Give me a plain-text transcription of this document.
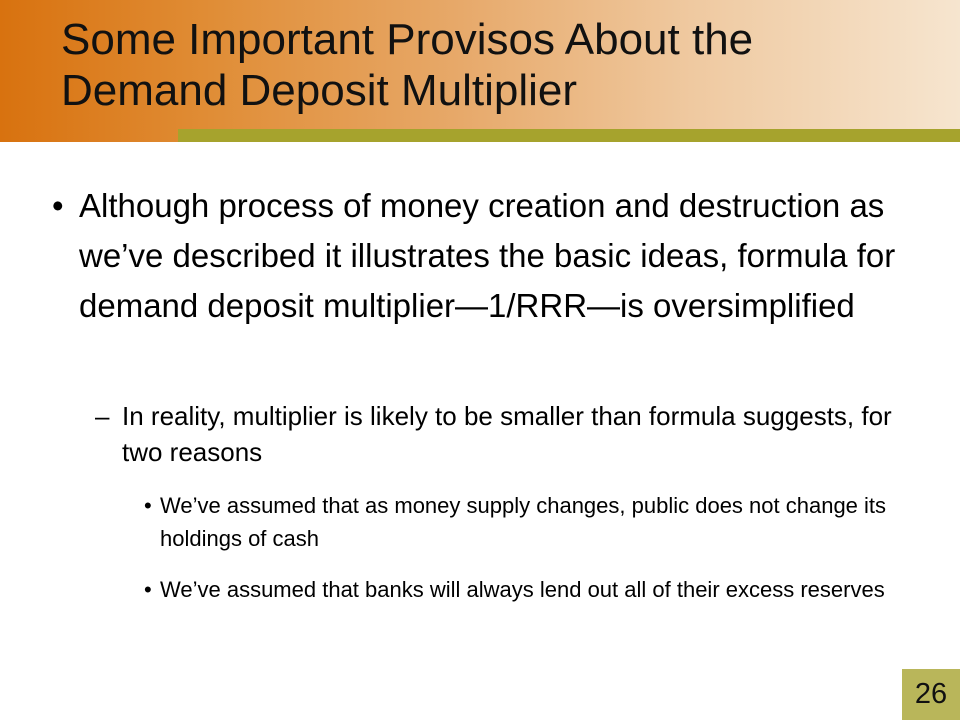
Some Important Provisos About the
Demand Deposit Multiplier
• Although process of money creation and destruction as we’ve described it illustrates the basic ideas, formula for demand deposit multiplier—1/RRR—is oversimplified
– In reality, multiplier is likely to be smaller than formula suggests, for two reasons
• We’ve assumed that as money supply changes, public does not change its holdings of cash
• We’ve assumed that banks will always lend out all of their excess reserves
26
